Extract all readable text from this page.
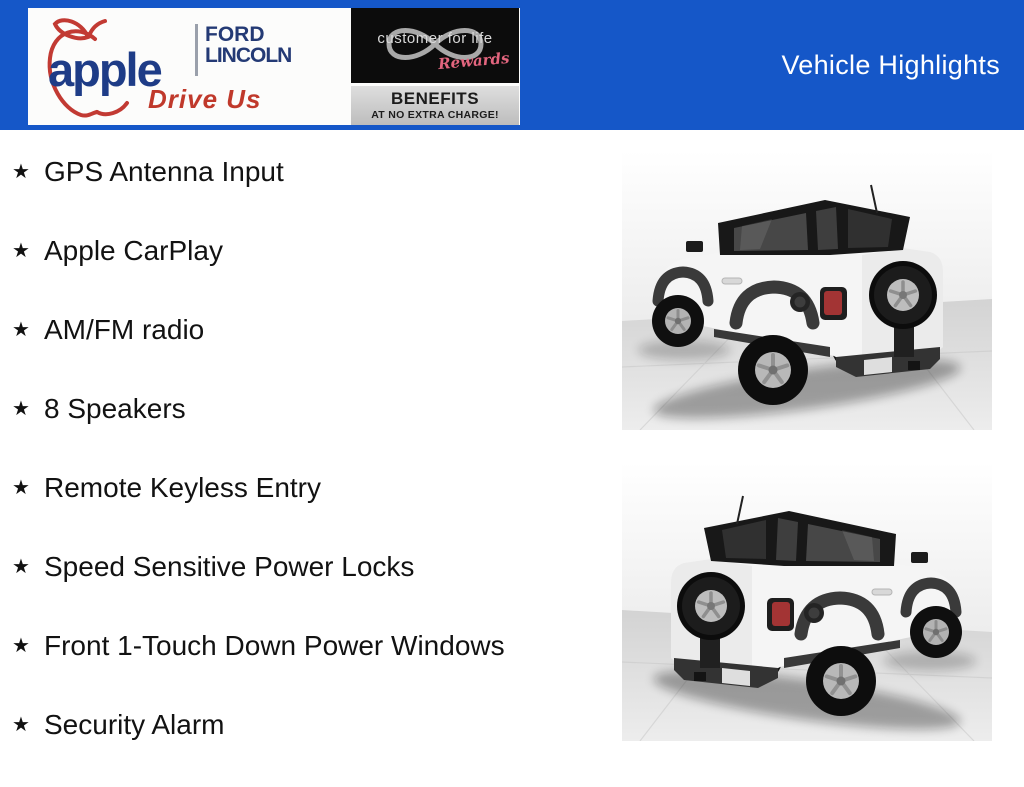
Vehicle Highlights
apple
FORD
LINCOLN
Drive Us
customer for life
Rewards
BENEFITS
AT NO EXTRA CHARGE!
★ GPS Antenna Input
★ Apple CarPlay
★ AM/FM radio
★ 8 Speakers
★ Remote Keyless Entry
★ Speed Sensitive Power Locks
★ Front 1-Touch Down Power Windows
★ Security Alarm
